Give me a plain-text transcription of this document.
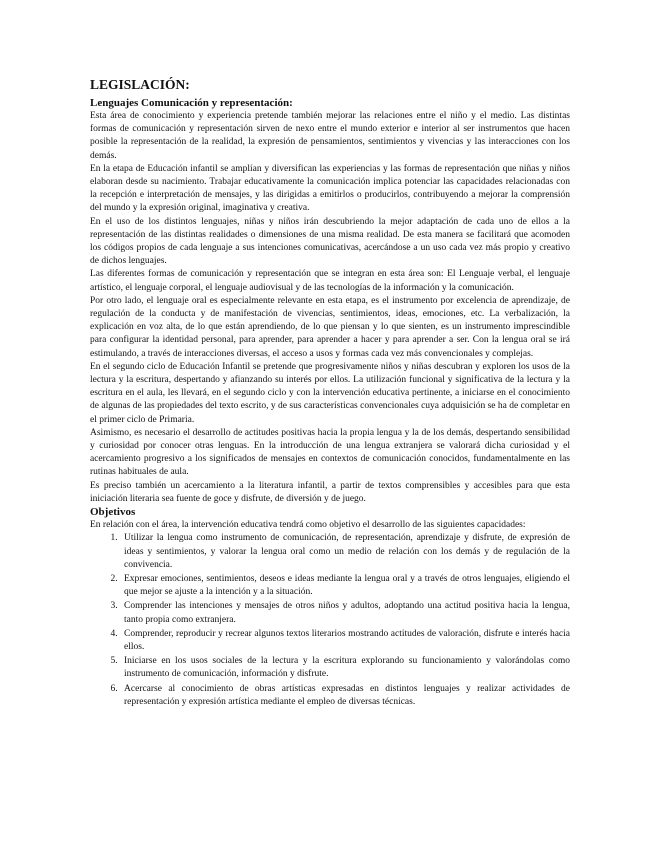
LEGISLACIÓN:
Lenguajes Comunicación y representación:

Esta área de conocimiento y experiencia pretende también mejorar las relaciones entre el niño y el medio. Las distintas formas de comunicación y representación sirven de nexo entre el mundo exterior e interior al ser instrumentos que hacen posible la representación de la realidad, la expresión de pensamientos, sentimientos y vivencias y las interacciones con los demás.

En la etapa de Educación infantil se amplían y diversifican las experiencias y las formas de representación que niñas y niños elaboran desde su nacimiento. Trabajar educativamente la comunicación implica potenciar las capacidades relacionadas con la recepción e interpretación de mensajes, y las dirigidas a emitirlos o producirlos, contribuyendo a mejorar la comprensión del mundo y la expresión original, imaginativa y creativa.

En el uso de los distintos lenguajes, niñas y niños irán descubriendo la mejor adaptación de cada uno de ellos a la representación de las distintas realidades o dimensiones de una misma realidad. De esta manera se facilitará que acomoden los códigos propios de cada lenguaje a sus intenciones comunicativas, acercándose a un uso cada vez más propio y creativo de dichos lenguajes.

Las diferentes formas de comunicación y representación que se integran en esta área son: El Lenguaje verbal, el lenguaje artístico, el lenguaje corporal, el lenguaje audiovisual y de las tecnologías de la información y la comunicación.

Por otro lado, el lenguaje oral es especialmente relevante en esta etapa, es el instrumento por excelencia de aprendizaje, de regulación de la conducta y de manifestación de vivencias, sentimientos, ideas, emociones, etc. La verbalización, la explicación en voz alta, de lo que están aprendiendo, de lo que piensan y lo que sienten, es un instrumento imprescindible para configurar la identidad personal, para aprender, para aprender a hacer y para aprender a ser. Con la lengua oral se irá estimulando, a través de interacciones diversas, el acceso a usos y formas cada vez más convencionales y complejas.

En el segundo ciclo de Educación Infantil se pretende que progresivamente niños y niñas descubran y exploren los usos de la lectura y la escritura, despertando y afianzando su interés por ellos. La utilización funcional y significativa de la lectura y la escritura en el aula, les llevará, en el segundo ciclo y con la intervención educativa pertinente, a iniciarse en el conocimiento de algunas de las propiedades del texto escrito, y de sus características convencionales cuya adquisición se ha de completar en el primer ciclo de Primaria.

Asimismo, es necesario el desarrollo de actitudes positivas hacia la propia lengua y la de los demás, despertando sensibilidad y curiosidad por conocer otras lenguas. En la introducción de una lengua extranjera se valorará dicha curiosidad y el acercamiento progresivo a los significados de mensajes en contextos de comunicación conocidos, fundamentalmente en las rutinas habituales de aula.

Es preciso también un acercamiento a la literatura infantil, a partir de textos comprensibles y accesibles para que esta iniciación literaria sea fuente de goce y disfrute, de diversión y de juego.

Objetivos

En relación con el área, la intervención educativa tendrá como objetivo el desarrollo de las siguientes capacidades:

1. Utilizar la lengua como instrumento de comunicación, de representación, aprendizaje y disfrute, de expresión de ideas y sentimientos, y valorar la lengua oral como un medio de relación con los demás y de regulación de la convivencia.
2. Expresar emociones, sentimientos, deseos e ideas mediante la lengua oral y a través de otros lenguajes, eligiendo el que mejor se ajuste a la intención y a la situación.
3. Comprender las intenciones y mensajes de otros niños y adultos, adoptando una actitud positiva hacia la lengua, tanto propia como extranjera.
4. Comprender, reproducir y recrear algunos textos literarios mostrando actitudes de valoración, disfrute e interés hacia ellos.
5. Iniciarse en los usos sociales de la lectura y la escritura explorando su funcionamiento y valorándolas como instrumento de comunicación, información y disfrute.
6. Acercarse al conocimiento de obras artísticas expresadas en distintos lenguajes y realizar actividades de representación y expresión artística mediante el empleo de diversas técnicas.
